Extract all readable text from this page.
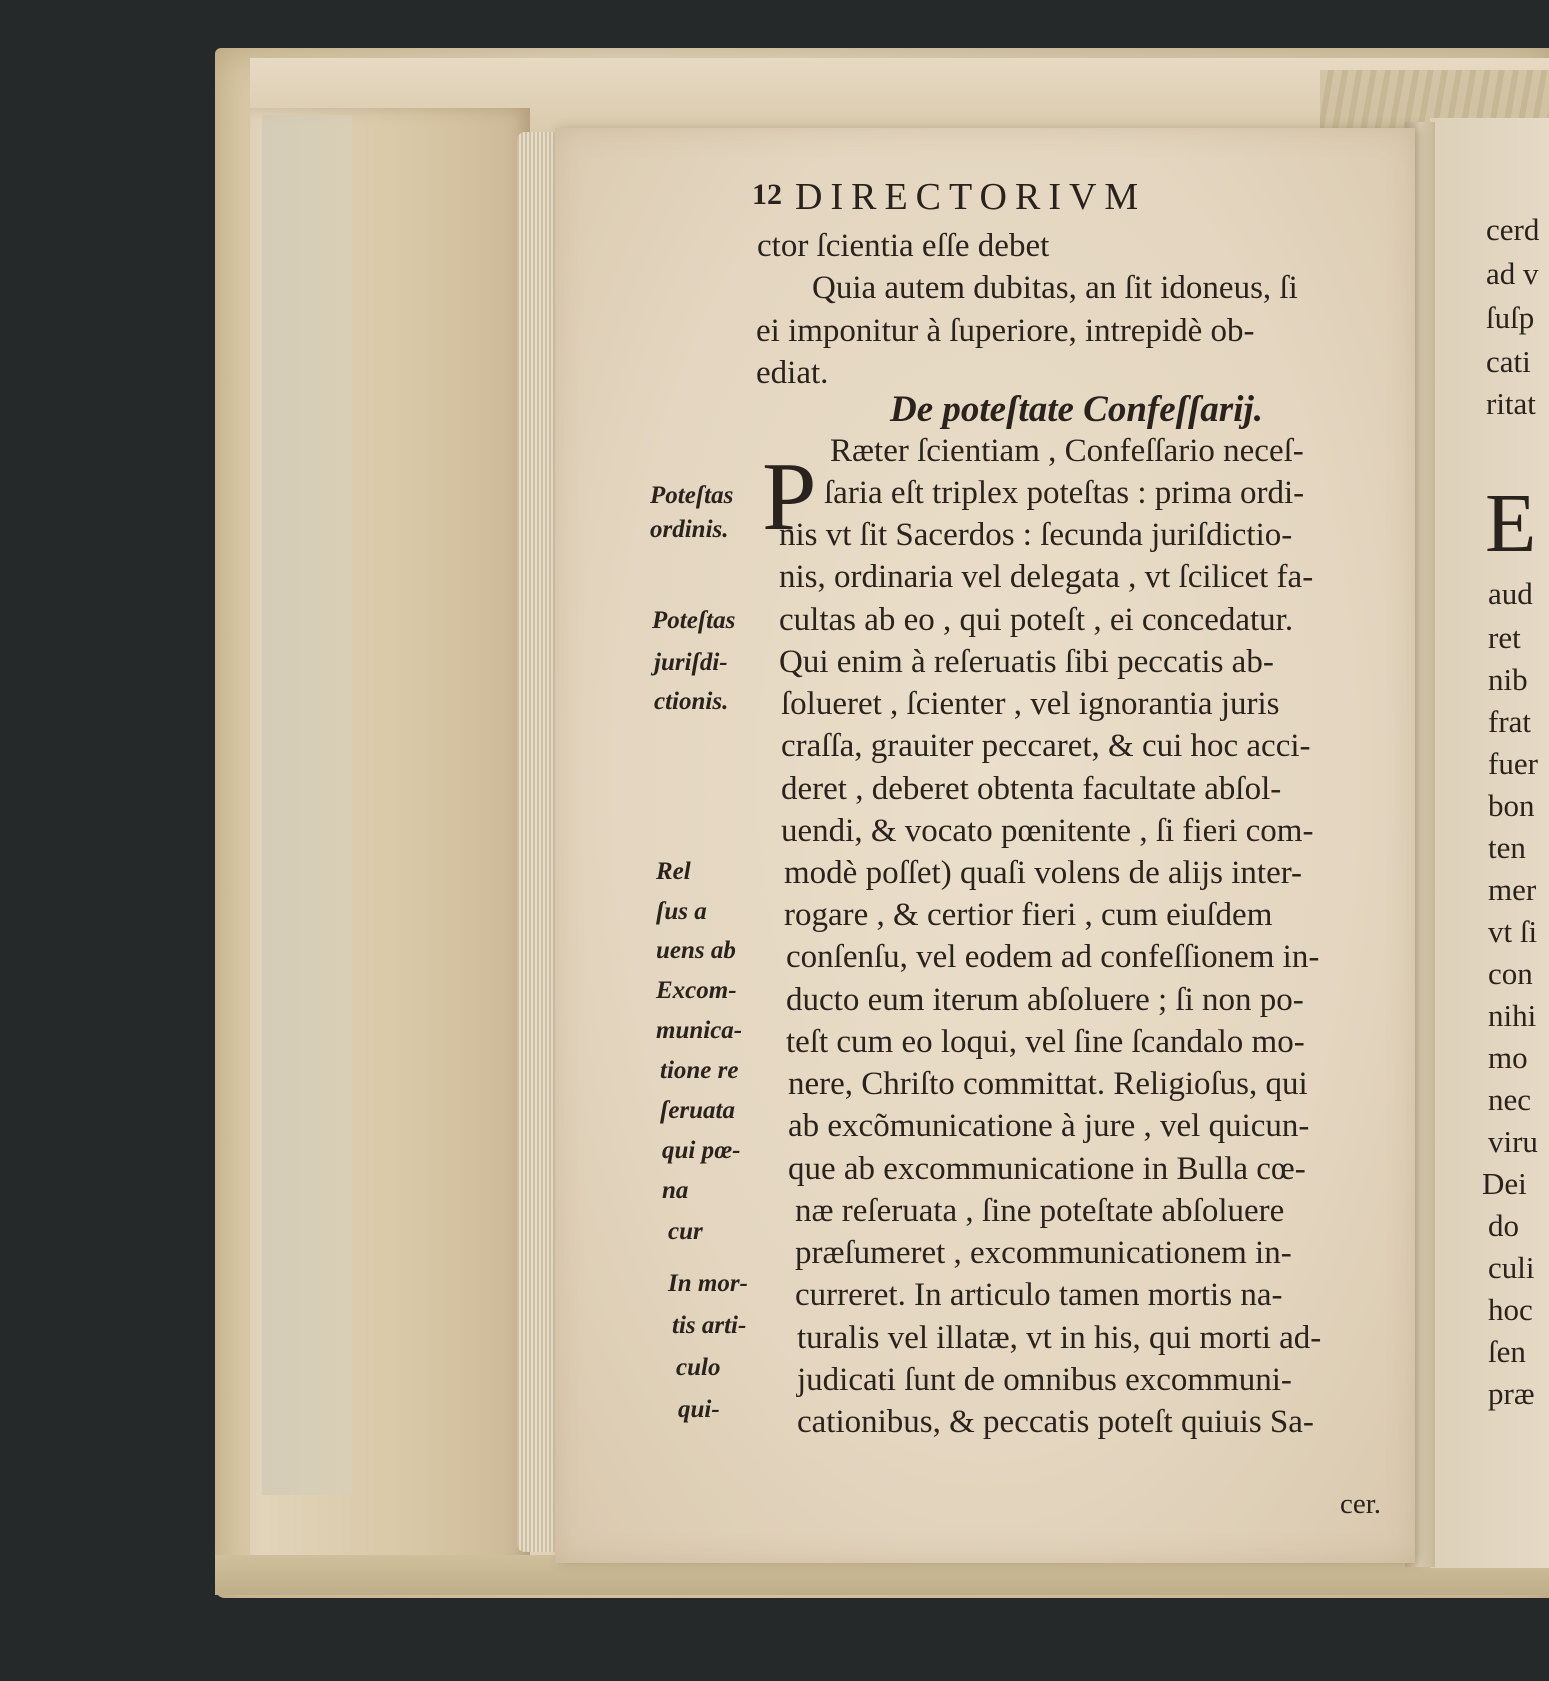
12 DIRECTORIVM
ctor ſcientia eſſe debet
Quia autem dubitas, an ſit idoneus, ſi
ei imponitur à ſuperiore, intrepidè ob-
ediat.
De poteſtate Confeſſarij.
P Ræter ſcientiam , Confeſſario neceſ-
ſaria eſt triplex poteſtas : prima ordi-
nis vt ſit Sacerdos : ſecunda juriſdictio-
nis, ordinaria vel delegata , vt ſcilicet fa-
cultas ab eo , qui poteſt , ei concedatur.
Qui enim à reſeruatis ſibi peccatis ab-
ſolueret , ſcienter , vel ignorantia juris
craſſa, grauiter peccaret, & cui hoc acci-
deret , deberet obtenta facultate abſol-
uendi, & vocato pœnitente , ſi fieri com-
modè poſſet) quaſi volens de alijs inter-
rogare , & certior fieri , cum eiuſdem
conſenſu, vel eodem ad confeſſionem in-
ducto eum iterum abſoluere ; ſi non po-
teſt cum eo loqui, vel ſine ſcandalo mo-
nere, Chriſto committat. Religioſus, qui
ab excõmunicatione à jure , vel quicun-
que ab excommunicatione in Bulla cœ-
næ reſeruata , ſine poteſtate abſoluere
præſumeret , excommunicationem in-
curreret. In articulo tamen mortis na-
turalis vel illatæ, vt in his, qui morti ad-
judicati ſunt de omnibus excommuni-
cationibus, & peccatis poteſt quiuis Sa-
cer.
Poteſtas
ordinis.
Poteſtas
juriſdi-
ctionis.
Rel
ſus a
uens ab
Excom-
munica-
tione re
ſeruata
qui pœ-
na
cur
In mor-
tis arti-
culo
qui-
cerd
ad v
ſuſp
cati
ritat
E
aud
ret
nib
frat
fuer
bon
ten
mer
vt ſi
con
nihi
mo
nec
viru
Dei
do
culi
hoc
ſen
præ
